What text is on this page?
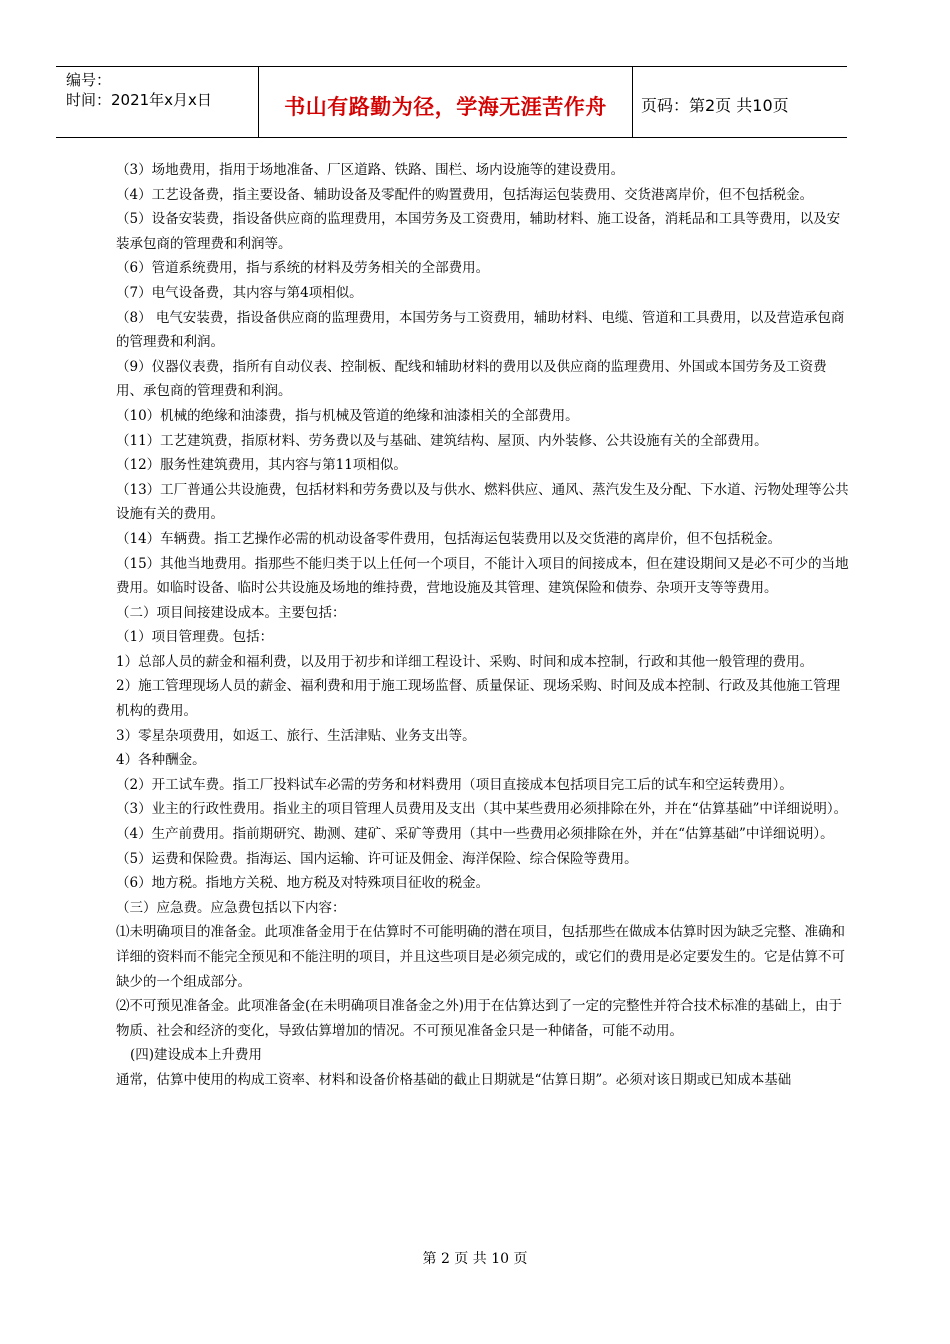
编号：
时间：2021年x月x日	书山有路勤为径，学海无涯苦作舟	页码：第2页 共10页

（3）场地费用，指用于场地准备、厂区道路、铁路、围栏、场内设施等的建设费用。

（4）工艺设备费，指主要设备、辅助设备及零配件的购置费用，包括海运包装费用、交货港离岸价，但不包括税金。

（5）设备安装费，指设备供应商的监理费用，本国劳务及工资费用，辅助材料、施工设备，消耗品和工具等费用，以及安装承包商的管理费和利润等。

（6）管道系统费用，指与系统的材料及劳务相关的全部费用。

（7）电气设备费，其内容与第4项相似。

（8） 电气安装费，指设备供应商的监理费用，本国劳务与工资费用，辅助材料、电缆、管道和工具费用，以及营造承包商的管理费和利润。

（9）仪器仪表费，指所有自动仪表、控制板、配线和辅助材料的费用以及供应商的监理费用、外国或本国劳务及工资费用、承包商的管理费和利润。

（10）机械的绝缘和油漆费，指与机械及管道的绝缘和油漆相关的全部费用。

（11）工艺建筑费，指原材料、劳务费以及与基础、建筑结构、屋顶、内外装修、公共设施有关的全部费用。

（12）服务性建筑费用，其内容与第11项相似。

（13）工厂普通公共设施费，包括材料和劳务费以及与供水、燃料供应、通风、蒸汽发生及分配、下水道、污物处理等公共设施有关的费用。

（14）车辆费。指工艺操作必需的机动设备零件费用，包括海运包装费用以及交货港的离岸价，但不包括税金。

（15）其他当地费用。指那些不能归类于以上任何一个项目，不能计入项目的间接成本，但在建设期间又是必不可少的当地费用。如临时设备、临时公共设施及场地的维持费，营地设施及其管理、建筑保险和债券、杂项开支等等费用。

（二）项目间接建设成本。主要包括：

（1）项目管理费。包括：

1）总部人员的薪金和福利费，以及用于初步和详细工程设计、采购、时间和成本控制，行政和其他一般管理的费用。

2）施工管理现场人员的薪金、福利费和用于施工现场监督、质量保证、现场采购、时间及成本控制、行政及其他施工管理机构的费用。

3）零星杂项费用，如返工、旅行、生活津贴、业务支出等。

4）各种酬金。

（2）开工试车费。指工厂投料试车必需的劳务和材料费用（项目直接成本包括项目完工后的试车和空运转费用）。

（3）业主的行政性费用。指业主的项目管理人员费用及支出（其中某些费用必须排除在外，并在“估算基础”中详细说明）。

（4）生产前费用。指前期研究、勘测、建矿、采矿等费用（其中一些费用必须排除在外，并在“估算基础”中详细说明）。

（5）运费和保险费。指海运、国内运输、许可证及佣金、海洋保险、综合保险等费用。

（6）地方税。指地方关税、地方税及对特殊项目征收的税金。

（三）应急费。应急费包括以下内容：

⑴未明确项目的准备金。此项准备金用于在估算时不可能明确的潜在项目，包括那些在做成本估算时因为缺乏完整、准确和详细的资料而不能完全预见和不能注明的项目，并且这些项目是必须完成的，或它们的费用是必定要发生的。它是估算不可缺少的一个组成部分。

⑵不可预见准备金。此项准备金(在未明确项目准备金之外)用于在估算达到了一定的完整性并符合技术标准的基础上，由于物质、社会和经济的变化，导致估算增加的情况。不可预见准备金只是一种储备，可能不动用。

(四)建设成本上升费用

通常，估算中使用的构成工资率、材料和设备价格基础的截止日期就是“估算日期”。必须对该日期或已知成本基础

第 2 页 共 10 页
